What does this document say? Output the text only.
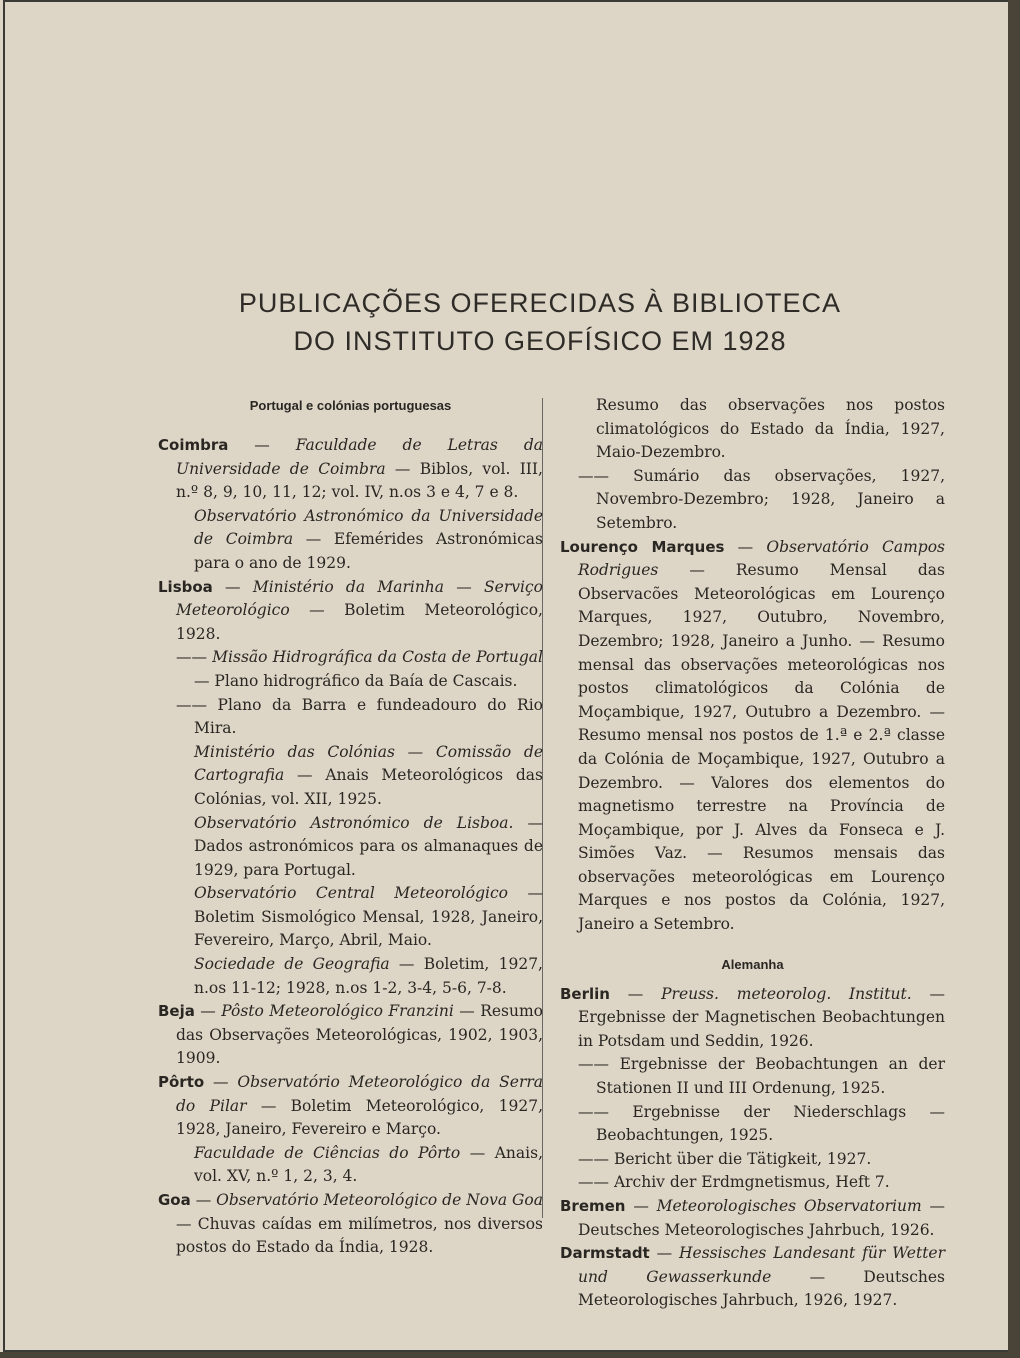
PUBLICAÇÕES OFERECIDAS À BIBLIOTECA
DO INSTITUTO GEOFÍSICO EM 1928
Portugal e colónias portuguesas

Coimbra — Faculdade de Letras da Universidade de Coimbra — Biblos, vol. III, n.º 8, 9, 10, 11, 12; vol. IV, n.os 3 e 4, 7 e 8.

Observatório Astronómico da Universidade de Coimbra — Efemérides Astronómicas para o ano de 1929.

Lisboa — Ministério da Marinha — Serviço Meteorológico — Boletim Meteorológico, 1928.

—— Missão Hidrográfica da Costa de Portugal — Plano hidrográfico da Baía de Cascais.

—— Plano da Barra e fundeadouro do Rio Mira.

Ministério das Colónias — Comissão de Cartografia — Anais Meteorológicos das Colónias, vol. XII, 1925.

Observatório Astronómico de Lisboa. — Dados astronómicos para os almanaques de 1929, para Portugal.

Observatório Central Meteorológico — Boletim Sismológico Mensal, 1928, Janeiro, Fevereiro, Março, Abril, Maio.

Sociedade de Geografia — Boletim, 1927, n.os 11-12; 1928, n.os 1-2, 3-4, 5-6, 7-8.

Beja — Pôsto Meteorológico Franzini — Resumo das Observações Meteorológicas, 1902, 1903, 1909.

Pôrto — Observatório Meteorológico da Serra do Pilar — Boletim Meteorológico, 1927, 1928, Janeiro, Fevereiro e Março.

Faculdade de Ciências do Pôrto — Anais, vol. XV, n.º 1, 2, 3, 4.

Goa — Observatório Meteorológico de Nova Goa — Chuvas caídas em milímetros, nos diversos postos do Estado da Índia, 1928.

Resumo das observações nos postos climatológicos do Estado da Índia, 1927, Maio-Dezembro.

—— Sumário das observações, 1927, Novembro-Dezembro; 1928, Janeiro a Setembro.

Lourenço Marques — Observatório Campos Rodrigues — Resumo Mensal das Observacões Meteorológicas em Lourenço Marques, 1927, Outubro, Novembro, Dezembro; 1928, Janeiro a Junho. — Resumo mensal das observações meteorológicas nos postos climatológicos da Colónia de Moçambique, 1927, Outubro a Dezembro. — Resumo mensal nos postos de 1.ª e 2.ª classe da Colónia de Moçambique, 1927, Outubro a Dezembro. — Valores dos elementos do magnetismo terrestre na Província de Moçambique, por J. Alves da Fonseca e J. Simões Vaz. — Resumos mensais das observações meteorológicas em Lourenço Marques e nos postos da Colónia, 1927, Janeiro a Setembro.

Alemanha

Berlin — Preuss. meteorolog. Institut. — Ergebnisse der Magnetischen Beobachtungen in Potsdam und Seddin, 1926.

—— Ergebnisse der Beobachtungen an der Stationen II und III Ordenung, 1925.

—— Ergebnisse der Niederschlags — Beobachtungen, 1925.

—— Bericht über die Tätigkeit, 1927.

—— Archiv der Erdmgnetismus, Heft 7.

Bremen — Meteorologisches Observatorium — Deutsches Meteorologisches Jahrbuch, 1926.

Darmstadt — Hessisches Landesant für Wetter und Gewasserkunde — Deutsches Meteorologisches Jahrbuch, 1926, 1927.
